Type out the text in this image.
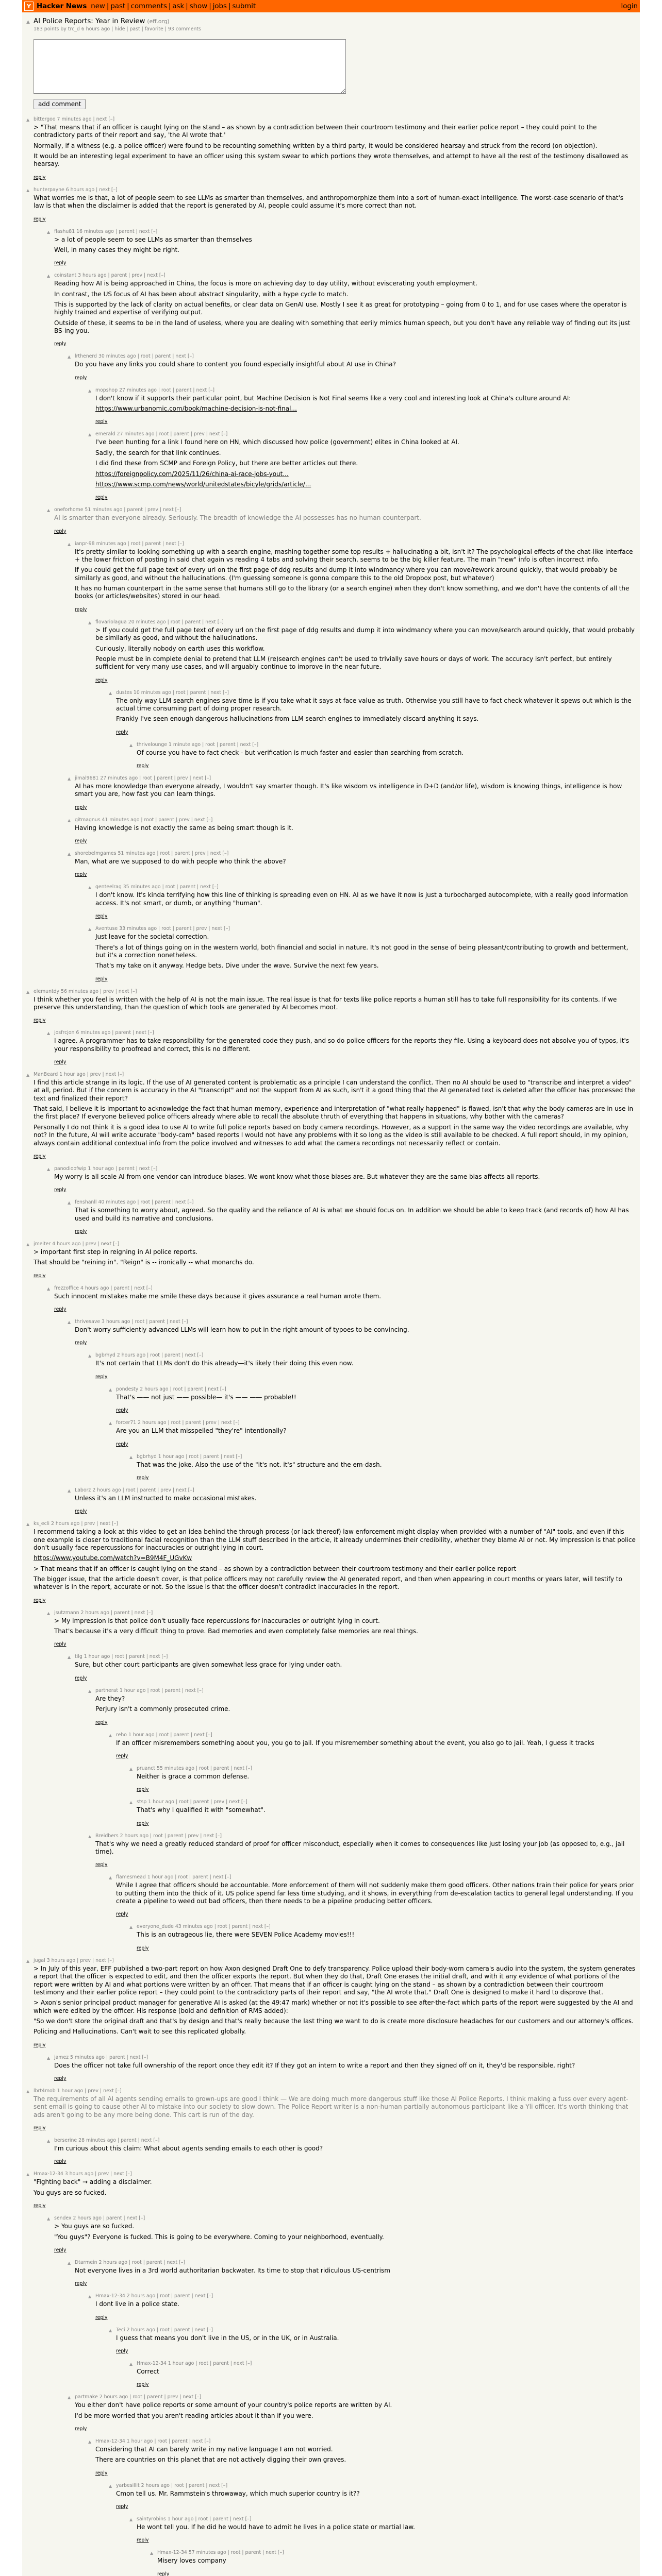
Y Hacker News new | past | comments | ask | show | jobs | submit	login
▲ AI Police Reports: Year in Review (eff.org)
183 points by trc_d 6 hours ago | hide | past | favorite | 93 comments
add comment
▲ bittergoo 7 minutes ago | next [–]

> "That means that if an officer is caught lying on the stand – as shown by a contradiction between their courtroom testimony and their earlier police report – they could point to the contradictory parts of their report and say, 'the AI wrote that.'

Normally, if a witness (e.g. a police officer) were found to be recounting something written by a third party, it would be considered hearsay and struck from the record (on objection).

It would be an interesting legal experiment to have an officer using this system swear to which portions they wrote themselves, and attempt to have all the rest of the testimony disallowed as hearsay.

reply
▲ hunterpayne 6 hours ago | next [–]

What worries me is that, a lot of people seem to see LLMs as smarter than themselves, and anthropomorphize them into a sort of human-exact intelligence. The worst-case scenario of that's law is that when the disclaimer is added that the report is generated by AI, people could assume it's more correct than not.

reply
▲ flashu81 16 minutes ago | parent | next [–]

> a lot of people seem to see LLMs as smarter than themselves

Well, in many cases they might be right.

reply
▲ coinstant 3 hours ago | parent | prev | next [–]

Reading how AI is being approached in China, the focus is more on achieving day to day utility, without eviscerating youth employment.

In contrast, the US focus of AI has been about abstract singularity, with a hype cycle to match.

This is supported by the lack of clarity on actual benefits, or clear data on GenAI use. Mostly I see it as great for prototyping – going from 0 to 1, and for use cases where the operator is highly trained and expertise of verifying output.

Outside of these, it seems to be in the land of useless, where you are dealing with something that eerily mimics human speech, but you don't have any reliable way of finding out its just BS-ing you.

reply
▲ lrthenerd 30 minutes ago | root | parent | next [–]

Do you have any links you could share to content you found especially insightful about AI use in China?

reply
▲ mopshop 27 minutes ago | root | parent | next [–]

I don't know if it supports their particular point, but Machine Decision is Not Final seems like a very cool and interesting look at China's culture around AI:

https://www.urbanomic.com/book/machine-decision-is-not-final...

reply
▲ emerald 27 minutes ago | root | parent | prev | next [–]

I've been hunting for a link I found here on HN, which discussed how police (government) elites in China looked at AI.

Sadly, the search for that link continues.

I did find these from SCMP and Foreign Policy, but there are better articles out there.

https://foreignpolicy.com/2025/11/26/china-ai-race-jobs-yout...

https://www.scmp.com/news/world/unitedstates/bicyle/grids/article/...

reply
▲ oneforhome 51 minutes ago | parent | prev | next [–]

AI is smarter than everyone already. Seriously. The breadth of knowledge the AI possesses has no human counterpart.

reply
▲ ianpr-98 minutes ago | root | parent | next [–]

It's pretty similar to looking something up with a search engine, mashing together some top results + hallucinating a bit, isn't it? The psychological effects of the chat-like interface + the lower friction of posting in said chat again vs reading 4 tabs and solving their search, seems to be the big killer feature. The main "new" info is often incorrect info.

If you could get the full page text of every url on the first page of ddg results and dump it into windmancy where you can move/rework around quickly, that would probably be similarly as good, and without the hallucinations. (I'm guessing someone is gonna compare this to the old Dropbox post, but whatever)

It has no human counterpart in the same sense that humans still go to the library (or a search engine) when they don't know something, and we don't have the contents of all the books (or articles/websites) stored in our head.

reply
▲ flovariolagua 20 minutes ago | root | parent | next [–]

> If you could get the full page text of every url on the first page of ddg results and dump it into windmancy where you can move/search around quickly, that would probably be similarly as good, and without the hallucinations.

Curiously, literally nobody on earth uses this workflow.

People must be in complete denial to pretend that LLM (re)search engines can't be used to trivially save hours or days of work. The accuracy isn't perfect, but entirely sufficient for very many use cases, and will arguably continue to improve in the near future.

reply
▲ dustes 10 minutes ago | root | parent | next [–]

The only way LLM search engines save time is if you take what it says at face value as truth. Otherwise you still have to fact check whatever it spews out which is the actual time consuming part of doing proper research.

Frankly I've seen enough dangerous hallucinations from LLM search engines to immediately discard anything it says.

reply
▲ thrivelounge 1 minute ago | root | parent | next [–]

Of course you have to fact check - but verification is much faster and easier than searching from scratch.

reply
▲ jimal9681 27 minutes ago | root | parent | prev | next [–]

AI has more knowledge than everyone already, I wouldn't say smarter though. It's like wisdom vs intelligence in D+D (and/or life), wisdom is knowing things, intelligence is how smart you are, how fast you can learn things.

reply
▲ gitmagnus 41 minutes ago | root | parent | prev | next [–]

Having knowledge is not exactly the same as being smart though is it.

reply
▲ shorebelmgames 51 minutes ago | root | parent | prev | next [–]

Man, what are we supposed to do with people who think the above?

reply
▲ genteelrag 35 minutes ago | root | parent | next [–]

I don't know. It's kinda terrifying how this line of thinking is spreading even on HN. AI as we have it now is just a turbocharged autocomplete, with a really good information access. It's not smart, or dumb, or anything "human".

reply
▲ Aventuse 33 minutes ago | root | parent | prev | next [–]

Just leave for the societal correction.

There's a lot of things going on in the western world, both financial and social in nature. It's not good in the sense of being pleasant/contributing to growth and betterment, but it's a correction nonetheless.

That's my take on it anyway. Hedge bets. Dive under the wave. Survive the next few years.

reply
▲ elemuntdy 56 minutes ago | prev | next [–]

I think whether you feel is written with the help of AI is not the main issue. The real issue is that for texts like police reports a human still has to take full responsibility for its contents. If we preserve this understanding, than the question of which tools are generated by AI becomes moot.

reply
▲ josfrcjon 6 minutes ago | parent | next [–]

I agree. A programmer has to take responsibility for the generated code they push, and so do police officers for the reports they file. Using a keyboard does not absolve you of typos, it's your responsibility to proofread and correct, this is no different.

reply
▲ ManBeard 1 hour ago | prev | next [–]

I find this article strange in its logic. If the use of AI generated content is problematic as a principle I can understand the conflict. Then no AI should be used to "transcribe and interpret a video" at all, period. But if the concern is accuracy in the AI "transcript" and not the support from AI as such, isn't it a good thing that the AI generated text is deleted after the officer has processed the text and finalized their report?

That said, I believe it is important to acknowledge the fact that human memory, experience and interpretation of "what really happened" is flawed, isn't that why the body cameras are in use in the first place? If everyone believed police officers already where able to recall the absolute thruth of everything that happens in situations, why bother with the cameras?

Personally I do not think it is a good idea to use AI to write full police reports based on body camera recordings. However, as a support in the same way the video recordings are available, why not? In the future, AI will write accurate "body-cam" based reports I would not have any problems with it so long as the video is still available to be checked. A full report should, in my opinion, always contain additional contextual info from the police involved and witnesses to add what the camera recordings not necessarily reflect or contain.

reply
▲ panodioofwip 1 hour ago | parent | next [–]

My worry is all scale AI from one vendor can introduce biases. We wont know what those biases are. But whatever they are the same bias affects all reports.

reply
▲ fenshanll 40 minutes ago | root | parent | next [–]

That is something to worry about, agreed. So the quality and the reliance of AI is what we should focus on. In addition we should be able to keep track (and records of) how AI has used and build its narrative and conclusions.

reply
▲ jmeiter 4 hours ago | prev | next [–]

> important first step in reigning in AI police reports.

That should be "reining in". "Reign" is -- ironically -- what monarchs do.

reply
▲ frezzoffice 4 hours ago | parent | next [–]

Such innocent mistakes make me smile these days because it gives assurance a real human wrote them.

reply
▲ thrivesave 3 hours ago | root | parent | next [–]

Don't worry sufficiently advanced LLMs will learn how to put in the right amount of typoes to be convincing.

reply
▲ bgbrhyd 2 hours ago | root | parent | next [–]

It's not certain that LLMs don't do this already—it's likely their doing this even now.

reply
▲ pondesty 2 hours ago | root | parent | next [–]

That's —— not just —— possible— it's —— —— probable!!

reply
▲ forcer71 2 hours ago | root | parent | prev | next [–]

Are you an LLM that misspelled "they're" intentionally?

reply
▲ bgbrhyd 1 hour ago | root | parent | next [–]

That was the joke. Also the use of the "it's not. it's" structure and the em-dash.

reply
▲ Laborz 2 hours ago | root | parent | prev | next [–]

Unless it's an LLM instructed to make occasional mistakes.

reply
▲ ks_ecli 2 hours ago | prev | next [–]

I recommend taking a look at this video to get an idea behind the through process (or lack thereof) law enforcement might display when provided with a number of "AI" tools, and even if this one example is closer to traditional facial recognition than the LLM stuff described in the article, it already undermines their credibility, whether they blame AI or not. My impression is that police don't usually face repercussions for inaccuracies or outright lying in court.

https://www.youtube.com/watch?v=B9M4F_UGvKw

> That means that if an officer is caught lying on the stand – as shown by a contradiction between their courtroom testimony and their earlier police report

The bigger issue, that the article doesn't cover, is that police officers may not carefully review the AI generated report, and then when appearing in court months or years later, will testify to whatever is in the report, accurate or not. So the issue is that the officer doesn't contradict inaccuracies in the report.

reply
▲ jsutzmann 2 hours ago | parent | next [–]

> My impression is that police don't usually face repercussions for inaccuracies or outright lying in court.

That's because it's a very difficult thing to prove. Bad memories and even completely false memories are real things.

reply
▲ tilg 1 hour ago | root | parent | next [–]

Sure, but other court participants are given somewhat less grace for lying under oath.

reply
▲ partnerat 1 hour ago | root | parent | next [–]

Are they?

Perjury isn't a commonly prosecuted crime.

reply
▲ reho 1 hour ago | root | parent | next [–]

If an officer misremembers something about you, you go to jail. If you misremember something about the event, you also go to jail. Yeah, I guess it tracks

reply
▲ pruanct 55 minutes ago | root | parent | next [–]

Neither is grace a common defense.

reply
▲ stsp 1 hour ago | root | parent | prev | next [–]

That's why I qualified it with "somewhat".

reply
▲ Breidbers 2 hours ago | root | parent | prev | next [–]

That's why we need a greatly reduced standard of proof for officer misconduct, especially when it comes to consequences like just losing your job (as opposed to, e.g., jail time).

reply
▲ flamesmead 1 hour ago | root | parent | next [–]

While I agree that officers should be accountable. More enforcement of them will not suddenly make them good officers. Other nations train their police for years prior to putting them into the thick of it. US police spend far less time studying, and it shows, in everything from de-escalation tactics to general legal understanding. If you create a pipeline to weed out bad officers, then there needs to be a pipeline producing better officers.

reply
▲ everyone_dude 43 minutes ago | root | parent | next [–]

This is an outrageous lie, there were SEVEN Police Academy movies!!!

reply
▲ jugal 3 hours ago | prev | next [–]

> In July of this year, EFF published a two-part report on how Axon designed Draft One to defy transparency. Police upload their body-worn camera's audio into the system, the system generates a report that the officer is expected to edit, and then the officer exports the report. But when they do that, Draft One erases the initial draft, and with it any evidence of what portions of the report were written by AI and what portions were written by an officer. That means that if an officer is caught lying on the stand – as shown by a contradiction between their courtroom testimony and their earlier police report – they could point to the contradictory parts of their report and say, "the AI wrote that." Draft One is designed to make it hard to disprove that.

> Axon's senior principal product manager for generative AI is asked (at the 49:47 mark) whether or not it's possible to see after-the-fact which parts of the report were suggested by the AI and which were edited by the officer. His response (bold and definition of RMS added):

"So we don't store the original draft and that's by design and that's really because the last thing we want to do is create more disclosure headaches for our customers and our attorney's offices.

Policing and Hallucinations. Can't wait to see this replicated globally.

reply
▲ jamez 5 minutes ago | parent | next [–]

Does the officer not take full ownership of the report once they edit it? If they got an intern to write a report and then they signed off on it, they'd be responsible, right?

reply
▲ lbrt4mob 1 hour ago | prev | next [–]

The requirements of all AI agents sending emails to grown-ups are good I think — We are doing much more dangerous stuff like those AI Police Reports. I think making a fuss over every agent-sent email is going to cause other AI to mistake into our society to slow down. The Police Report writer is a non-human partially autonomous participant like a Yli officer. It's worth thinking that ads aren't going to be any more being done. This cart is run of the day.

reply
▲ berserine 28 minutes ago | parent | next [–]

I'm curious about this claim: What about agents sending emails to each other is good?

reply
▲ Hmax-12-34 3 hours ago | prev | next [–]

"Fighting back" → adding a disclaimer.

You guys are so fucked.

reply
▲ sendex 2 hours ago | parent | next [–]

> You guys are so fucked.

"You guys"? Everyone is fucked. This is going to be everywhere. Coming to your neighborhood, eventually.

reply
▲ Dtarmein 2 hours ago | root | parent | next [–]

Not everyone lives in a 3rd world authoritarian backwater. Its time to stop that ridiculous US-centrism

reply
▲ Hmax-12-34 2 hours ago | root | parent | next [–]

I dont live in a police state.

reply
▲ Teci 2 hours ago | root | parent | next [–]

I guess that means you don't live in the US, or in the UK, or in Australia.

reply
▲ Hmax-12-34 1 hour ago | root | parent | next [–]

Correct

reply
▲ partmake 2 hours ago | root | parent | prev | next [–]

You either don't have police reports or some amount of your country's police reports are written by AI.

I'd be more worried that you aren't reading articles about it than if you were.

reply
▲ Hmax-12-34 1 hour ago | root | parent | next [–]

Considering that AI can barely write in my native language I am not worried.

There are countries on this planet that are not actively digging their own graves.

reply
▲ yarbesillit 2 hours ago | root | parent | next [–]

Cmon tell us. Mr. Rammstein's throwaway, which much superior country is it??

reply
▲ saintyrobins 1 hour ago | root | parent | next [–]

He wont tell you. If he did he would have to admit he lives in a police state or martial law.

reply
▲ Hmax-12-34 57 minutes ago | root | parent | next [–]

Misery loves company

reply
